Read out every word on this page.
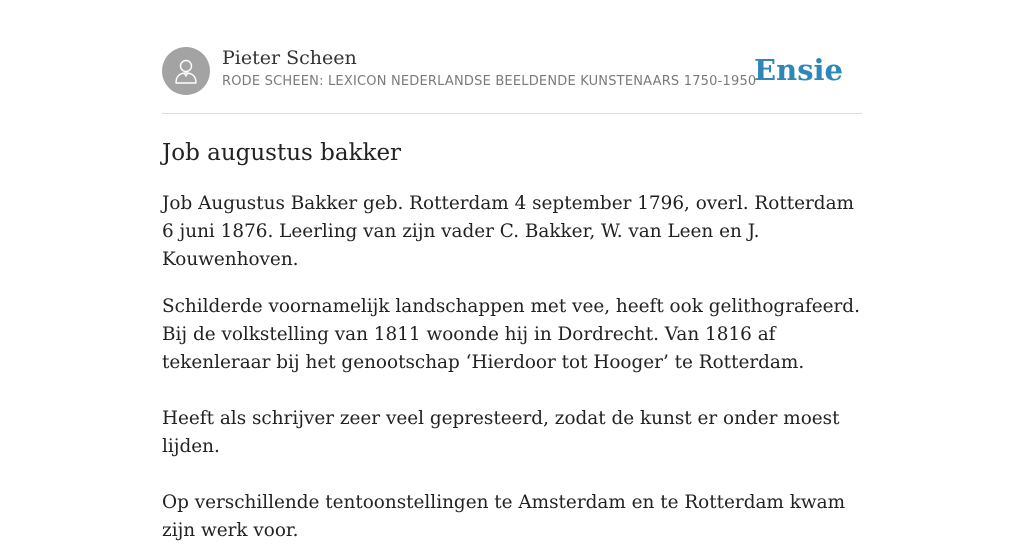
Pieter Scheen
RODE SCHEEN: LEXICON NEDERLANDSE BEELDENDE KUNSTENAARS 1750-1950
Ensie
Job augustus bakker

Job Augustus Bakker geb. Rotterdam 4 september 1796, overl. Rotterdam 6 juni 1876. Leerling van zijn vader C. Bakker, W. van Leen en J. Kouwenhoven.

Schilderde voornamelijk landschappen met vee, heeft ook gelithografeerd. Bij de volkstelling van 1811 woonde hij in Dordrecht. Van 1816 af tekenleraar bij het genootschap ‘Hierdoor tot Hooger’ te Rotterdam.

Heeft als schrijver zeer veel gepresteerd, zodat de kunst er onder moest lijden.

Op verschillende tentoonstellingen te Amsterdam en te Rotterdam kwam zijn werk voor.
